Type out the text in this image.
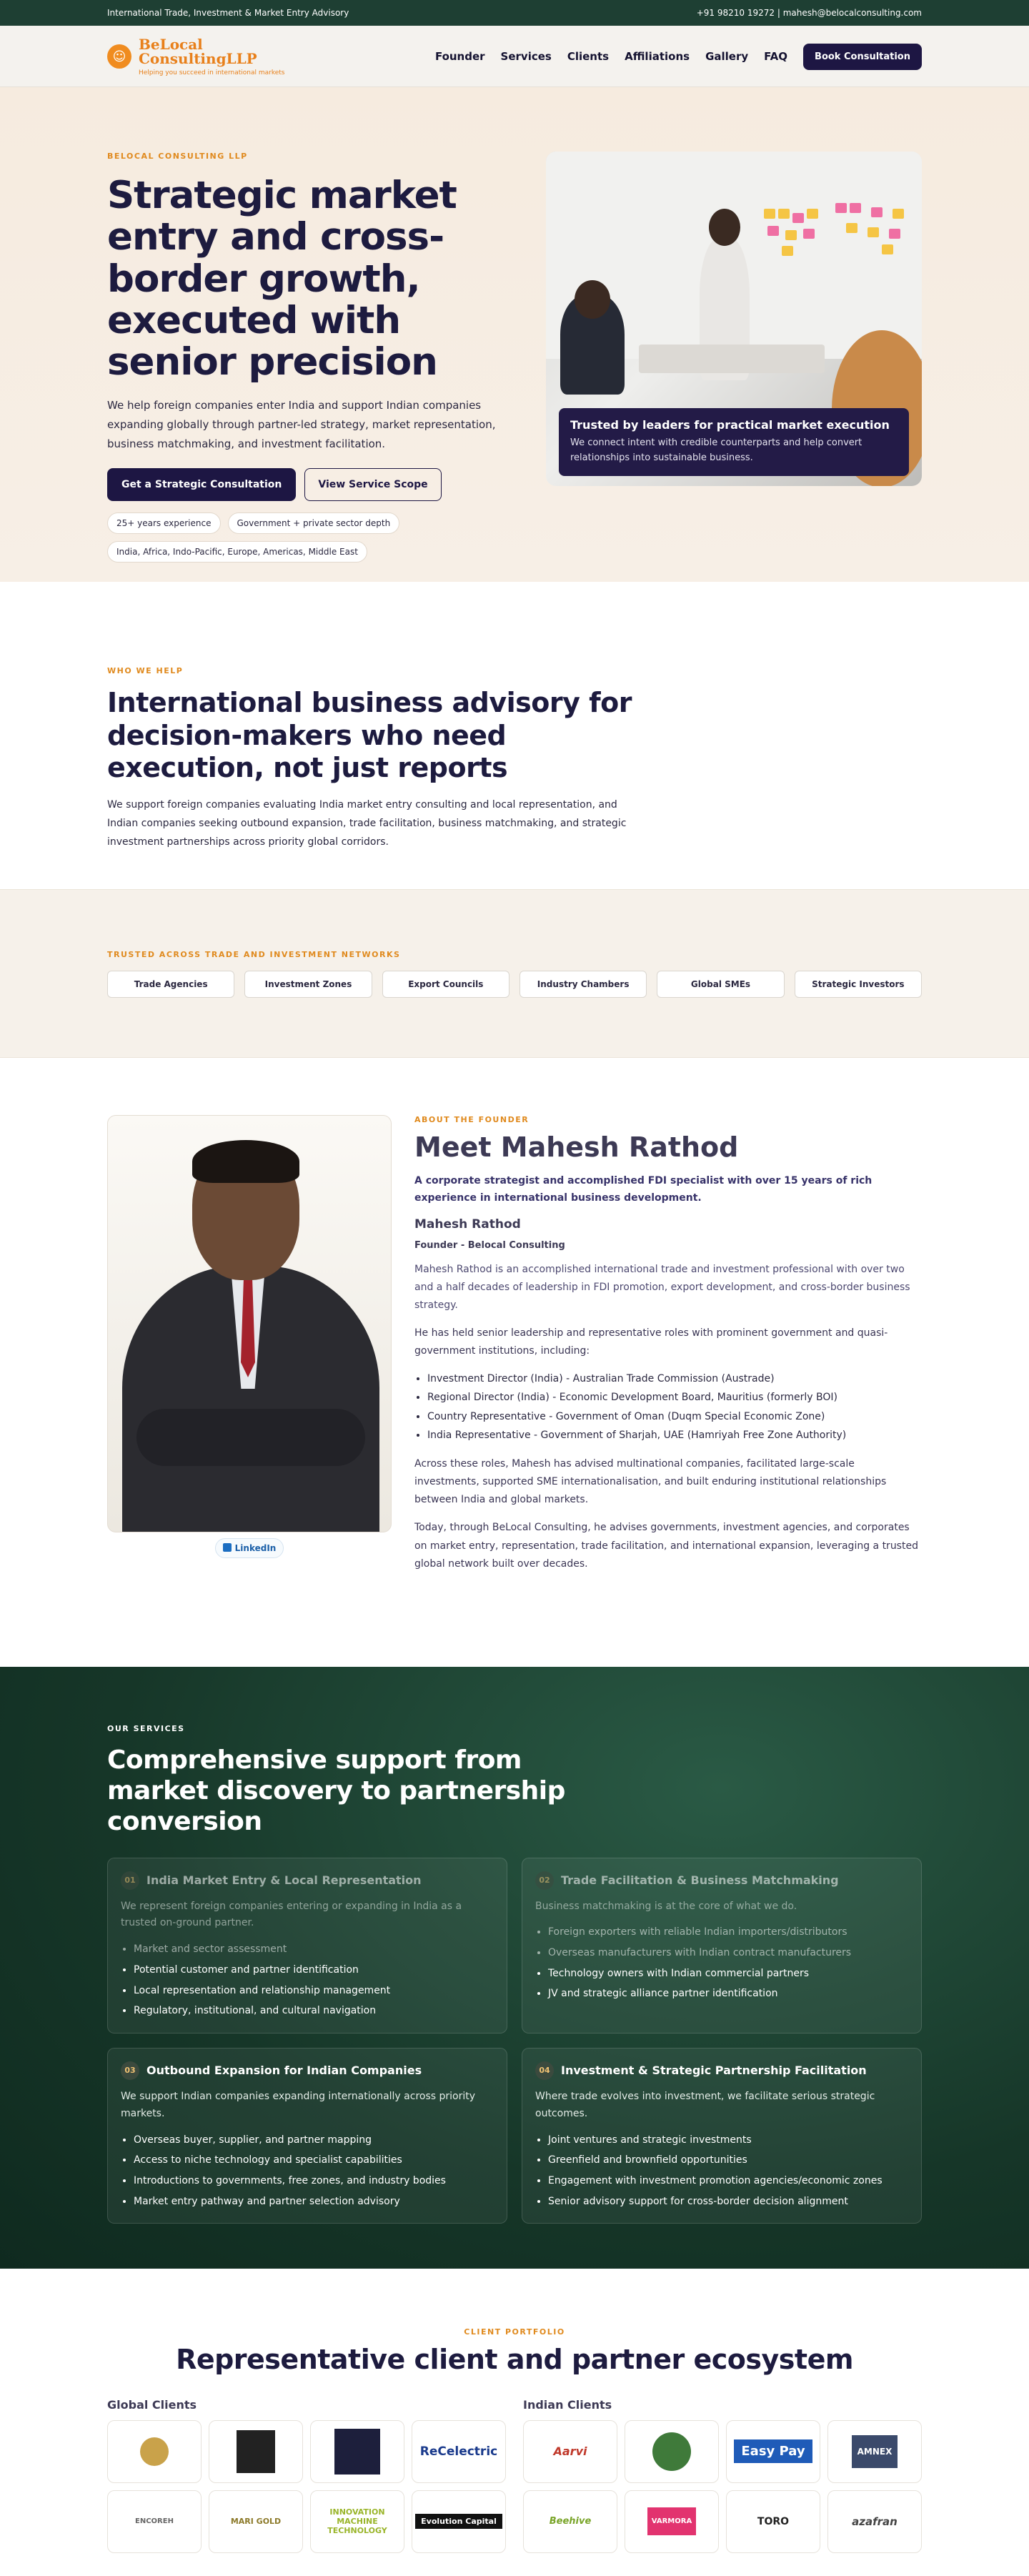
International Trade, Investment & Market Entry Advisory	+91 98210 19272 | mahesh@belocalconsulting.com
☺
BeLocal
ConsultingLLP
Helping you succeed in international markets
Founder Services Clients Affiliations Gallery FAQ	Book Consultation
BELOCAL CONSULTING LLP
Strategic market entry and cross-border growth, executed with senior precision

We help foreign companies enter India and support Indian companies expanding globally through partner-led strategy, market representation, business matchmaking, and investment facilitation.

Get a Strategic Consultation	View Service Scope
25+ years experience	Government + private sector depth
India, Africa, Indo-Pacific, Europe, Americas, Middle East
Trusted by leaders for practical market execution

We connect intent with credible counterparts and help convert relationships into sustainable business.

WHO WE HELP
International business advisory for decision-makers who need execution, not just reports

We support foreign companies evaluating India market entry consulting and local representation, and Indian companies seeking outbound expansion, trade facilitation, business matchmaking, and strategic investment partnerships across priority global corridors.

TRUSTED ACROSS TRADE AND INVESTMENT NETWORKS
Trade Agencies	Investment Zones	Export Councils	Industry Chambers	Global SMEs	Strategic Investors
LinkedIn
ABOUT THE FOUNDER
Meet Mahesh Rathod

A corporate strategist and accomplished FDI specialist with over 15 years of rich experience in international business development.

Mahesh Rathod
Founder - Belocal Consulting

Mahesh Rathod is an accomplished international trade and investment professional with over two and a half decades of leadership in FDI promotion, export development, and cross-border business strategy.

He has held senior leadership and representative roles with prominent government and quasi-government institutions, including:

• Investment Director (India) - Australian Trade Commission (Austrade)
• Regional Director (India) - Economic Development Board, Mauritius (formerly BOI)
• Country Representative - Government of Oman (Duqm Special Economic Zone)
• India Representative - Government of Sharjah, UAE (Hamriyah Free Zone Authority)

Across these roles, Mahesh has advised multinational companies, facilitated large-scale investments, supported SME internationalisation, and built enduring institutional relationships between India and global markets.

Today, through BeLocal Consulting, he advises governments, investment agencies, and corporates on market entry, representation, trade facilitation, and international expansion, leveraging a trusted global network built over decades.

OUR SERVICES
Comprehensive support from market discovery to partnership conversion
01 India Market Entry & Local Representation

We represent foreign companies entering or expanding in India as a trusted on-ground partner.

• Market and sector assessment
• Potential customer and partner identification
• Local representation and relationship management
• Regulatory, institutional, and cultural navigation
02 Trade Facilitation & Business Matchmaking

Business matchmaking is at the core of what we do.

• Foreign exporters with reliable Indian importers/distributors
• Overseas manufacturers with Indian contract manufacturers
• Technology owners with Indian commercial partners
• JV and strategic alliance partner identification
03 Outbound Expansion for Indian Companies

We support Indian companies expanding internationally across priority markets.

• Overseas buyer, supplier, and partner mapping
• Access to niche technology and specialist capabilities
• Introductions to governments, free zones, and industry bodies
• Market entry pathway and partner selection advisory
04 Investment & Strategic Partnership Facilitation

Where trade evolves into investment, we facilitate serious strategic outcomes.

• Joint ventures and strategic investments
• Greenfield and brownfield opportunities
• Engagement with investment promotion agencies/economic zones
• Senior advisory support for cross-border decision alignment
CLIENT PORTFOLIO
Representative client and partner ecosystem
Global Clients
ReCelectric
ENCOREH	MARI GOLD
INNOVATION MACHINE TECHNOLOGY
Evolution Capital
Indian Clients
Aarvi	Easy Pay	AMNEX
Beehive	VARMORA	TORO	azafran
